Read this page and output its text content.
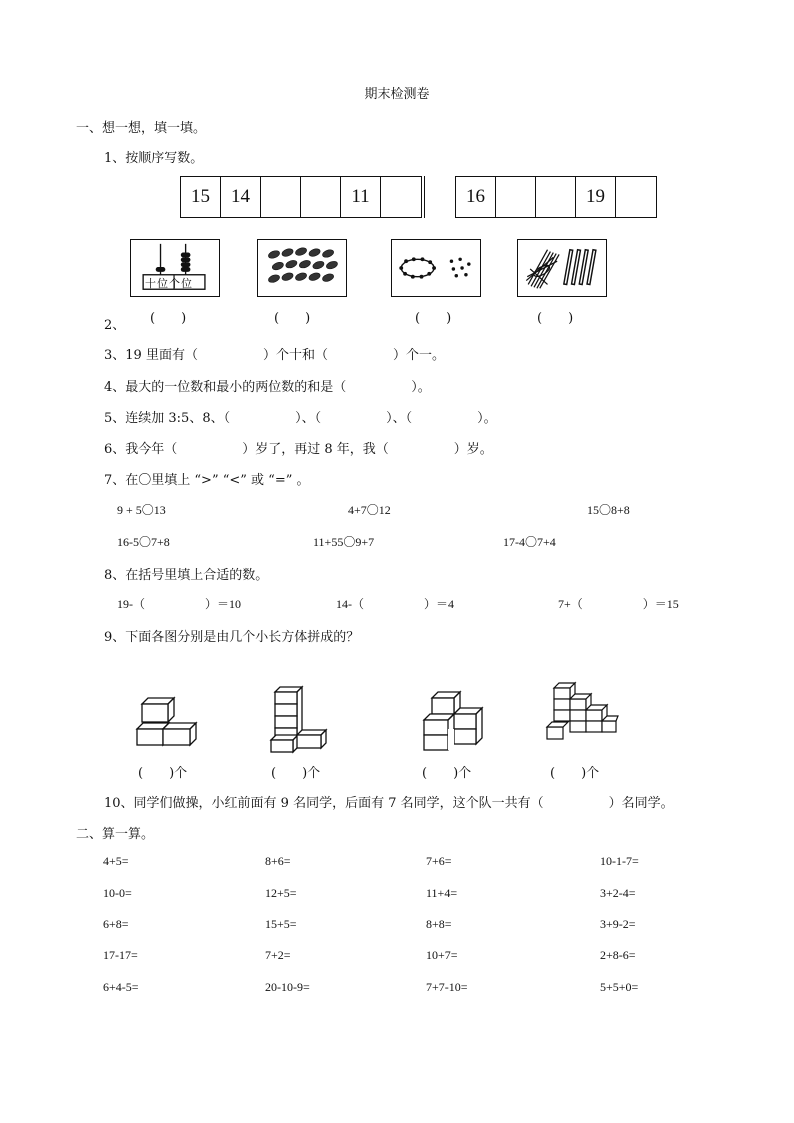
期末检测卷
一、想一想，填一填。
1、按顺序写数。
15	14	11	16	19
十位个位
2、 (　　)	(　　)	(　　)	(　　)
3、19 里面有（　　　　　）个十和（　　　　　）个一。
4、最大的一位数和最小的两位数的和是（　　　　　）。
5、连续加 3:5、8、（　　　　　）、（　　　　　）、（　　　　　）。
6、我今年（　　　　　）岁了，再过 8 年，我（　　　　　）岁。
7、在〇里填上 “>” “<” 或 “=” 。
9 + 5〇13	4+7〇12	15〇8+8
16-5〇7+8	11+55〇9+7	17-4〇7+4
8、在括号里填上合适的数。
19-（　　　　　）＝10	14-（　　　　　）＝4	7+（　　　　　）＝15
9、下面各图分别是由几个小长方体拼成的？
(　　)个	(　　)个	(　　)个	(　　)个
10、同学们做操，小红前面有 9 名同学，后面有 7 名同学，这个队一共有（　　　　　）名同学。
二、算一算。
4+5=	8+6=	7+6=	10-1-7=
10-0=	12+5=	11+4=	3+2-4=
6+8=	15+5=	8+8=	3+9-2=
17-17=	7+2=	10+7=	2+8-6=
6+4-5=	20-10-9=	7+7-10=	5+5+0=
